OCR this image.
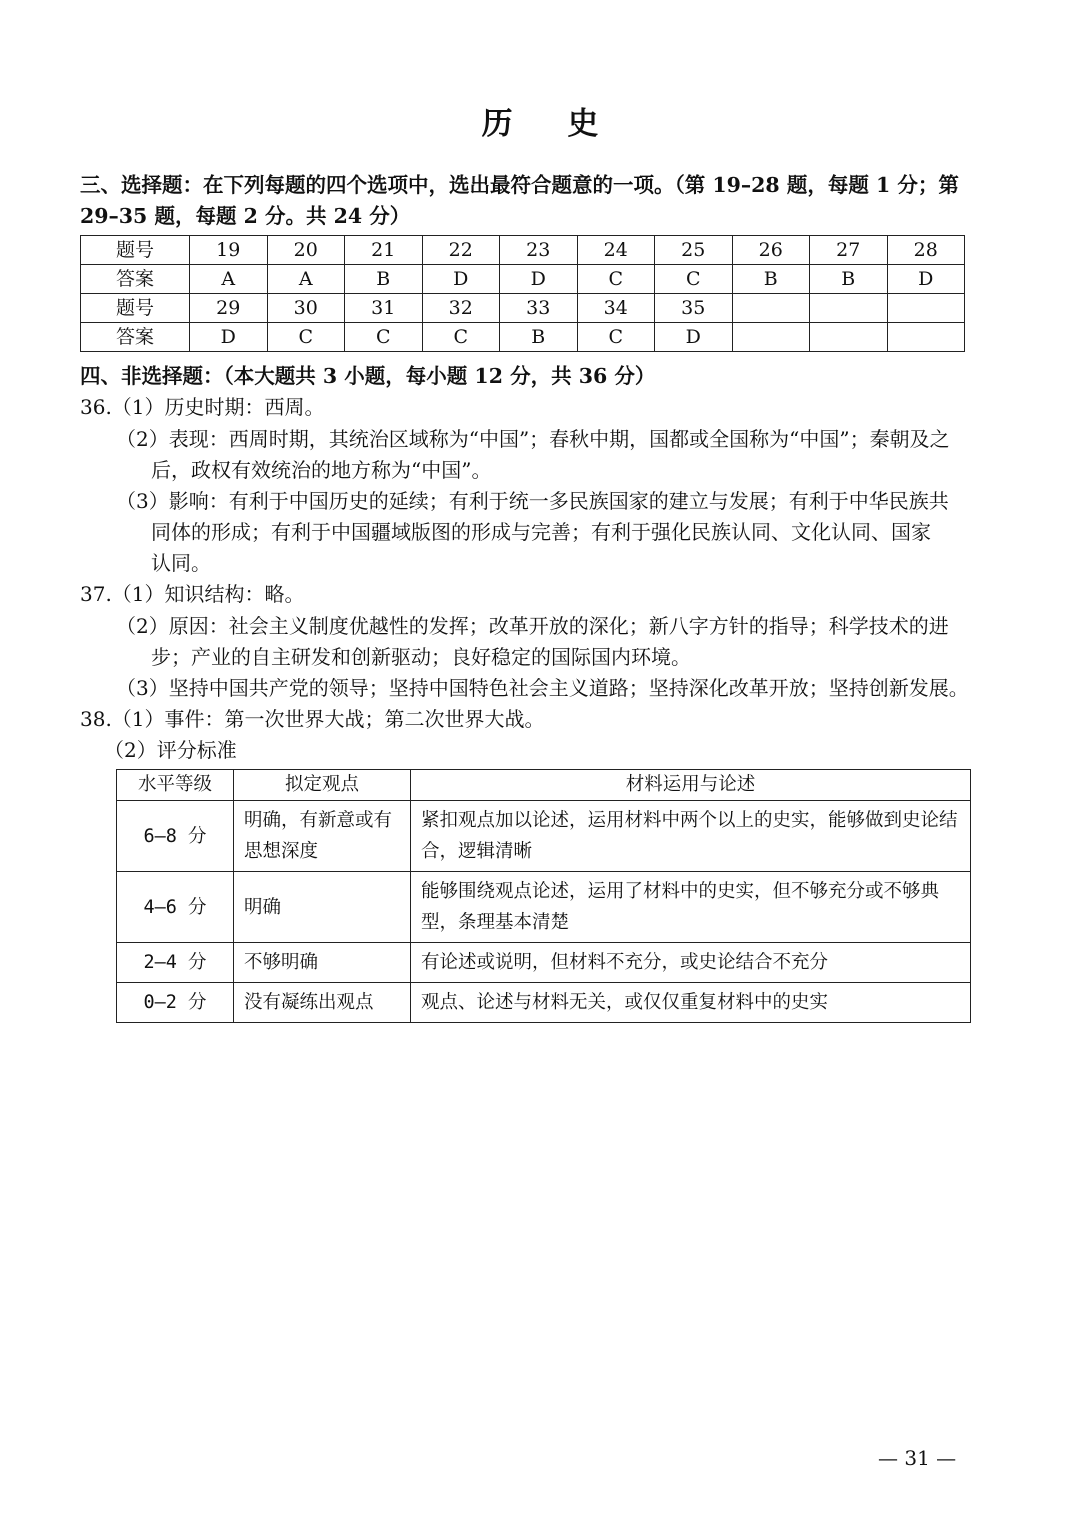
历 史
三、选择题：在下列每题的四个选项中，选出最符合题意的一项。（第 19–28 题，每题 1 分；第 29–35 题，每题 2 分。共 24 分）
题号	19	20	21	22	23	24	25	26	27	28
答案	A	A	B	D	D	C	C	B	B	D
题号	29	30	31	32	33	34	35			
答案	D	C	C	C	B	C	D			
四、非选择题：（本大题共 3 小题，每小题 12 分，共 36 分）
36.（1）历史时期：西周。
（2）表现：西周时期，其统治区域称为“中国”；春秋中期，国都或全国称为“中国”；秦朝及之
后，政权有效统治的地方称为“中国”。
（3）影响：有利于中国历史的延续；有利于统一多民族国家的建立与发展；有利于中华民族共
同体的形成；有利于中国疆域版图的形成与完善；有利于强化民族认同、文化认同、国家
认同。
37.（1）知识结构：略。
（2）原因：社会主义制度优越性的发挥；改革开放的深化；新八字方针的指导；科学技术的进
步；产业的自主研发和创新驱动；良好稳定的国际国内环境。
（3）坚持中国共产党的领导；坚持中国特色社会主义道路；坚持深化改革开放；坚持创新发展。
38.（1）事件：第一次世界大战；第二次世界大战。
（2）评分标准
水平等级	拟定观点	材料运用与论述
6–8 分	明确，有新意或有思想深度	紧扣观点加以论述，运用材料中两个以上的史实，能够做到史论结合，逻辑清晰
4–6 分	明确	能够围绕观点论述，运用了材料中的史实，但不够充分或不够典型，条理基本清楚
2–4 分	不够明确	有论述或说明，但材料不充分，或史论结合不充分
0–2 分	没有凝练出观点	观点、论述与材料无关，或仅仅重复材料中的史实
— 31 —
